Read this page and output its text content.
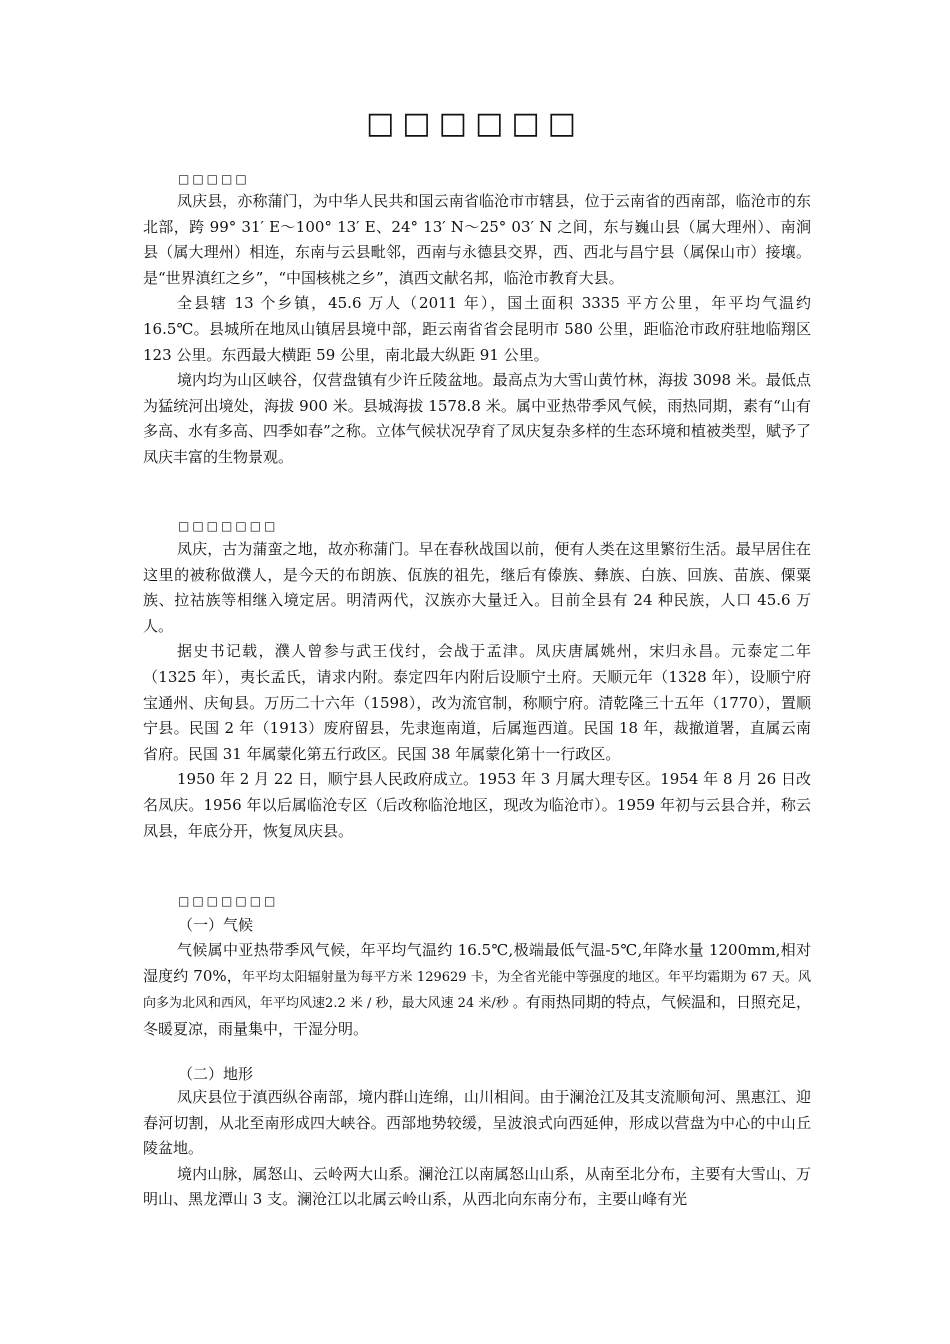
□□□□□□
□□□□□

凤庆县，亦称蒲门，为中华人民共和国云南省临沧市市辖县，位于云南省的西南部，临沧市的东北部，跨 99° 31′ E～100° 13′ E、24° 13′ N～25° 03′ N 之间，东与巍山县（属大理州）、南涧县（属大理州）相连，东南与云县毗邻，西南与永德县交界，西、西北与昌宁县（属保山市）接壤。是“世界滇红之乡”，“中国核桃之乡”，滇西文献名邦，临沧市教育大县。

全县辖 13 个乡镇，45.6 万人（2011 年），国土面积 3335 平方公里，年平均气温约 16.5℃。县城所在地凤山镇居县境中部，距云南省省会昆明市 580 公里，距临沧市政府驻地临翔区 123 公里。东西最大横距 59 公里，南北最大纵距 91 公里。

境内均为山区峡谷，仅营盘镇有少许丘陵盆地。最高点为大雪山黄竹林，海拔 3098 米。最低点为猛统河出境处，海拔 900 米。县城海拔 1578.8 米。属中亚热带季风气候，雨热同期，素有“山有多高、水有多高、四季如春”之称。立体气候状况孕育了凤庆复杂多样的生态环境和植被类型，赋予了凤庆丰富的生物景观。

□□□□□□□

凤庆，古为蒲蛮之地，故亦称蒲门。早在春秋战国以前，便有人类在这里繁衍生活。最早居住在这里的被称做濮人，是今天的布朗族、佤族的祖先，继后有傣族、彝族、白族、回族、苗族、傈粟族、拉祜族等相继入境定居。明清两代，汉族亦大量迁入。目前全县有 24 种民族，人口 45.6 万人。

据史书记载，濮人曾参与武王伐纣，会战于孟津。凤庆唐属姚州，宋归永昌。元泰定二年（1325 年），夷长孟氏，请求内附。泰定四年内附后设顺宁土府。天顺元年（1328 年），设顺宁府宝通州、庆甸县。万历二十六年（1598），改为流官制，称顺宁府。清乾隆三十五年（1770），置顺宁县。民国 2 年（1913）废府留县，先隶迤南道，后属迤西道。民国 18 年，裁撤道署，直属云南省府。民国 31 年属蒙化第五行政区。民国 38 年属蒙化第十一行政区。

1950 年 2 月 22 日，顺宁县人民政府成立。1953 年 3 月属大理专区。1954 年 8 月 26 日改名凤庆。1956 年以后属临沧专区（后改称临沧地区，现改为临沧市）。1959 年初与云县合并，称云凤县，年底分开，恢复凤庆县。

□□□□□□□
（一）气候

气候属中亚热带季风气候，年平均气温约 16.5℃,极端最低气温-5℃,年降水量 1200mm,相对湿度约 70%，年平均太阳辐射量为每平方米 129629 卡，为全省光能中等强度的地区。年平均霜期为 67 天。风向多为北风和西风，年平均风速2.2 米 / 秒，最大风速 24 米/秒 。有雨热同期的特点，气候温和，日照充足，冬暖夏凉，雨量集中，干湿分明。

（二）地形

凤庆县位于滇西纵谷南部，境内群山连绵，山川相间。由于澜沧江及其支流顺甸河、黑惠江、迎春河切割，从北至南形成四大峡谷。西部地势较缓，呈波浪式向西延伸，形成以营盘为中心的中山丘陵盆地。

境内山脉，属怒山、云岭两大山系。澜沧江以南属怒山山系，从南至北分布，主要有大雪山、万明山、黑龙潭山 3 支。澜沧江以北属云岭山系，从西北向东南分布，主要山峰有光
